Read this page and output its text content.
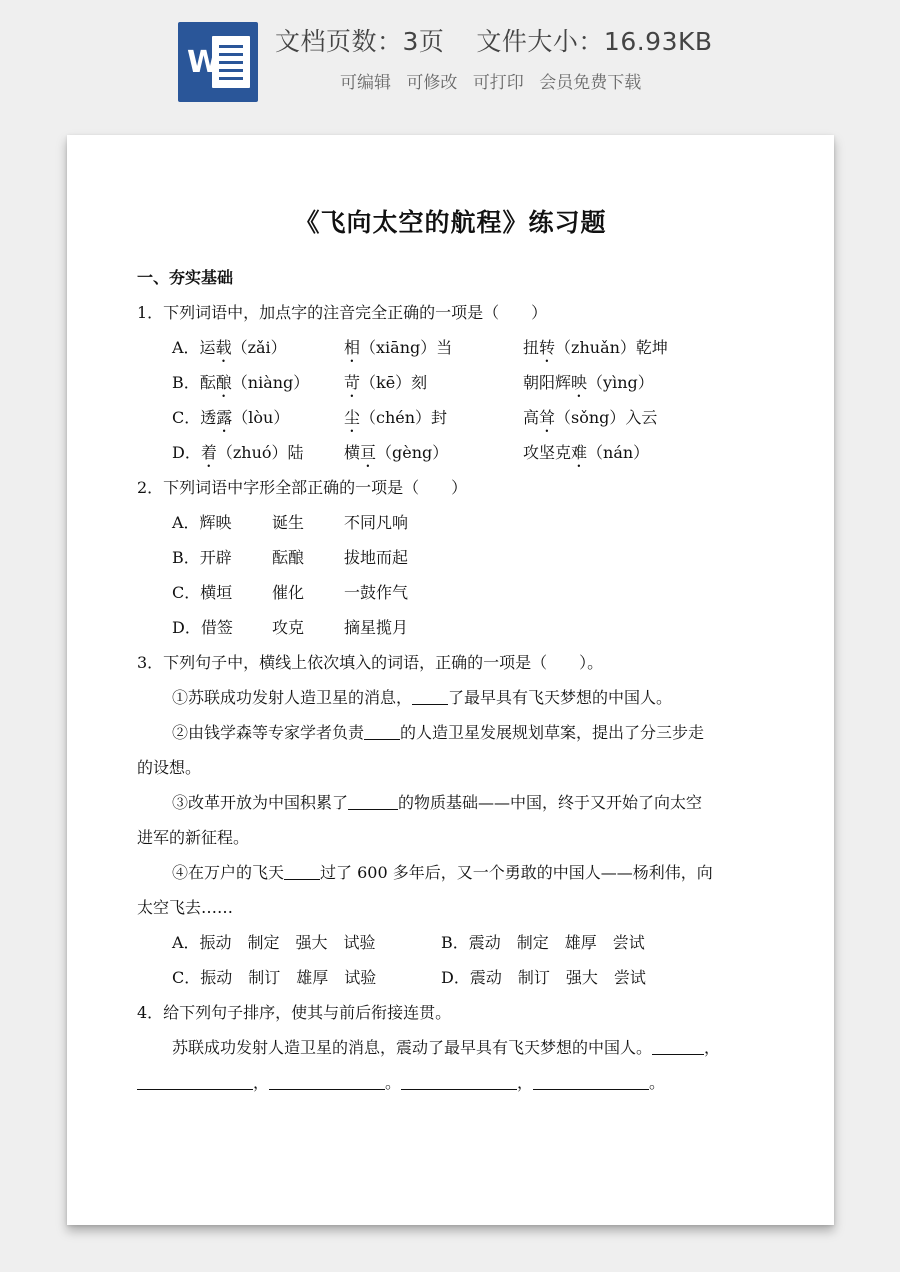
W
文档页数：3页 文件大小：16.93KB
可编辑 可修改 可打印 会员免费下载
《飞向太空的航程》练习题
一、夯实基础
1．下列词语中，加点字的注音完全正确的一项是（　　）
A．运载（zǎi）	相（xiāng）当	扭转（zhuǎn）乾坤
B．酝酿（niàng） 苛（kē）刻	朝阳辉映（yìng）
C．透露（lòu）	尘（chén）封	高耸（sǒng）入云
D．着（zhuó）陆	横亘（gèng）	攻坚克难（nán）
2．下列词语中字形全部正确的一项是（　　）
A．辉映	诞生 不同凡响
B．开辟	酝酿 拔地而起
C．横垣 催化 一鼓作气
D．借签 攻克 摘星揽月
3．下列句子中，横线上依次填入的词语，正确的一项是（　　）。
①苏联成功发射人造卫星的消息， 了最早具有飞天梦想的中国人。
②由钱学森等专家学者负责 的人造卫星发展规划草案，提出了分三步走
的设想。
③改革开放为中国积累了	的物质基础——中国，终于又开始了向太空
进军的新征程。
④在万户的飞天 过了 600 多年后，又一个勇敢的中国人——杨利伟，向
太空飞去……
A．振动　制定　强大　试验	B．震动　制定　雄厚　尝试
C．振动　制订　雄厚　试验	D．震动　制订　强大　尝试
4．给下列句子排序，使其与前后衔接连贯。
苏联成功发射人造卫星的消息，震动了最早具有飞天梦想的中国人。	，
，	。	，	。
